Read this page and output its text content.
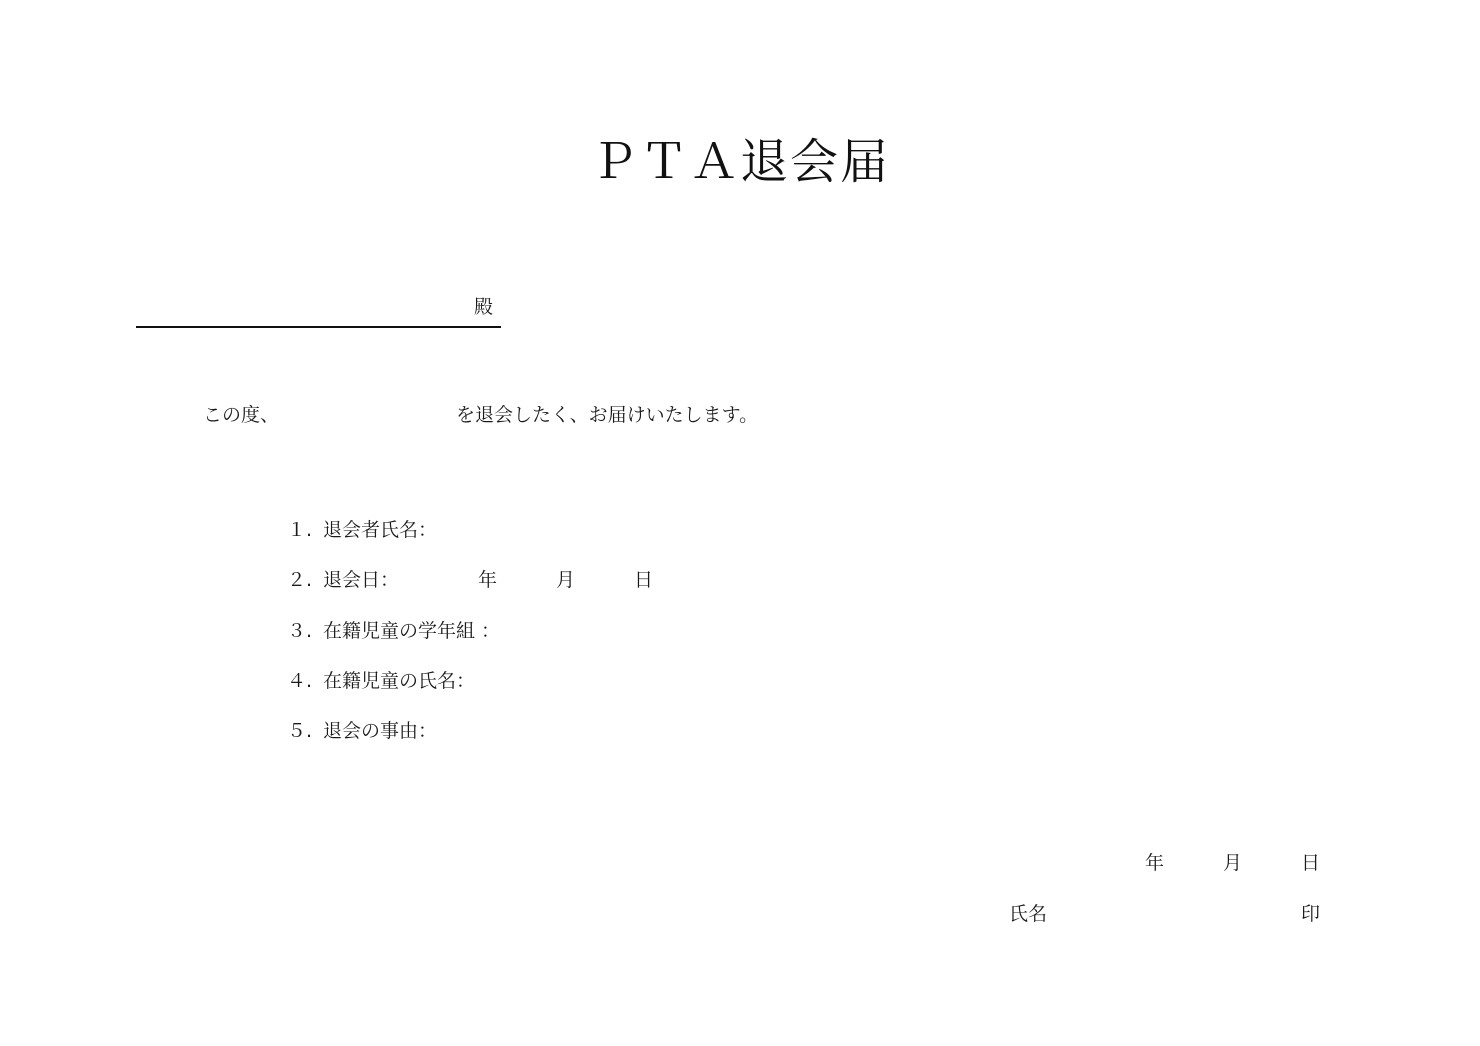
ＰＴＡ退会届
殿
この度、	を退会したく、お届けいたします。
１. 退会者氏名：
２. 退会日：	年	月	日
３. 在籍児童の学年組 ：
４. 在籍児童の氏名：
５. 退会の事由：
年	月	日
氏名	印
